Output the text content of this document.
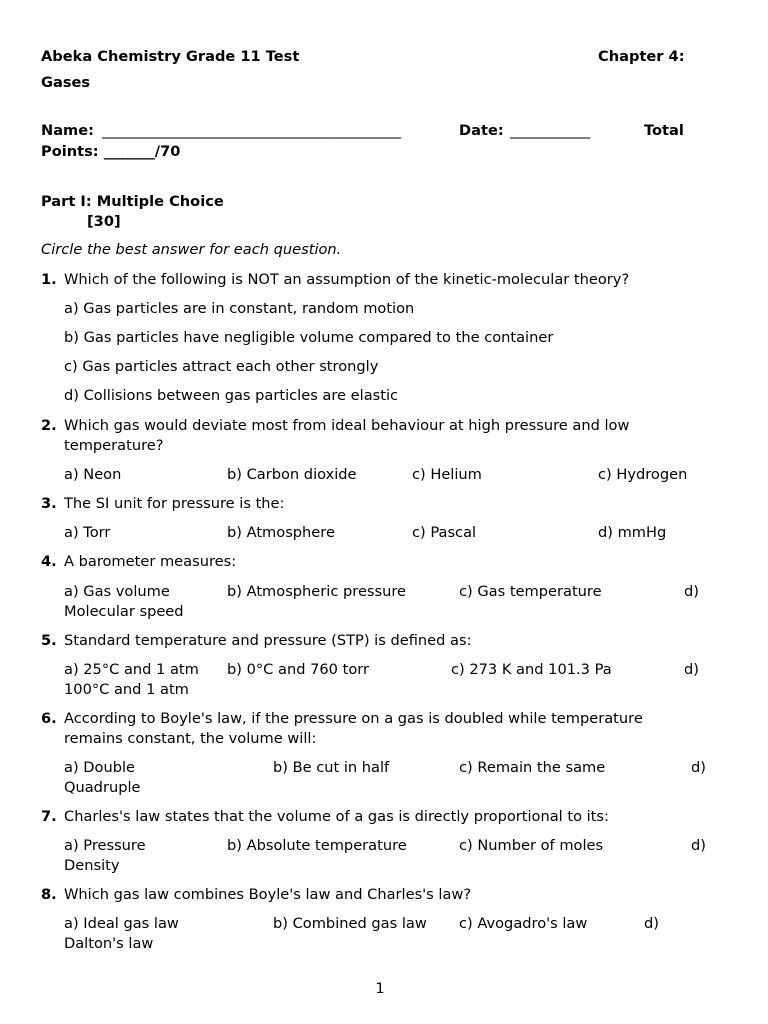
Abeka Chemistry Grade 11 Test	Chapter 4:
Gases
Name: _________________________________________	Date: ___________	Total
Points: _______/70
Part I: Multiple Choice
[30]
Circle the best answer for each question.
1. Which of the following is NOT an assumption of the kinetic-molecular theory?
a) Gas particles are in constant, random motion
b) Gas particles have negligible volume compared to the container
c) Gas particles attract each other strongly
d) Collisions between gas particles are elastic
2. Which gas would deviate most from ideal behaviour at high pressure and low temperature?
a) Neon	b) Carbon dioxide	c) Helium	c) Hydrogen
3. The SI unit for pressure is the:
a) Torr	b) Atmosphere	c) Pascal	d) mmHg
4. A barometer measures:
a) Gas volume	b) Atmospheric pressure	c) Gas temperature	d)
Molecular speed
5. Standard temperature and pressure (STP) is defined as:
a) 25°C and 1 atm b) 0°C and 760 torr	c) 273 K and 101.3 Pa	d)
100°C and 1 atm
6. According to Boyle's law, if the pressure on a gas is doubled while temperature remains constant, the volume will:
a) Double	b) Be cut in half	c) Remain the same	d)
Quadruple
7. Charles's law states that the volume of a gas is directly proportional to its:
a) Pressure	b) Absolute temperature	c) Number of moles	d)
Density
8. Which gas law combines Boyle's law and Charles's law?
a) Ideal gas law	b) Combined gas law c) Avogadro's law	d)
Dalton's law
1
